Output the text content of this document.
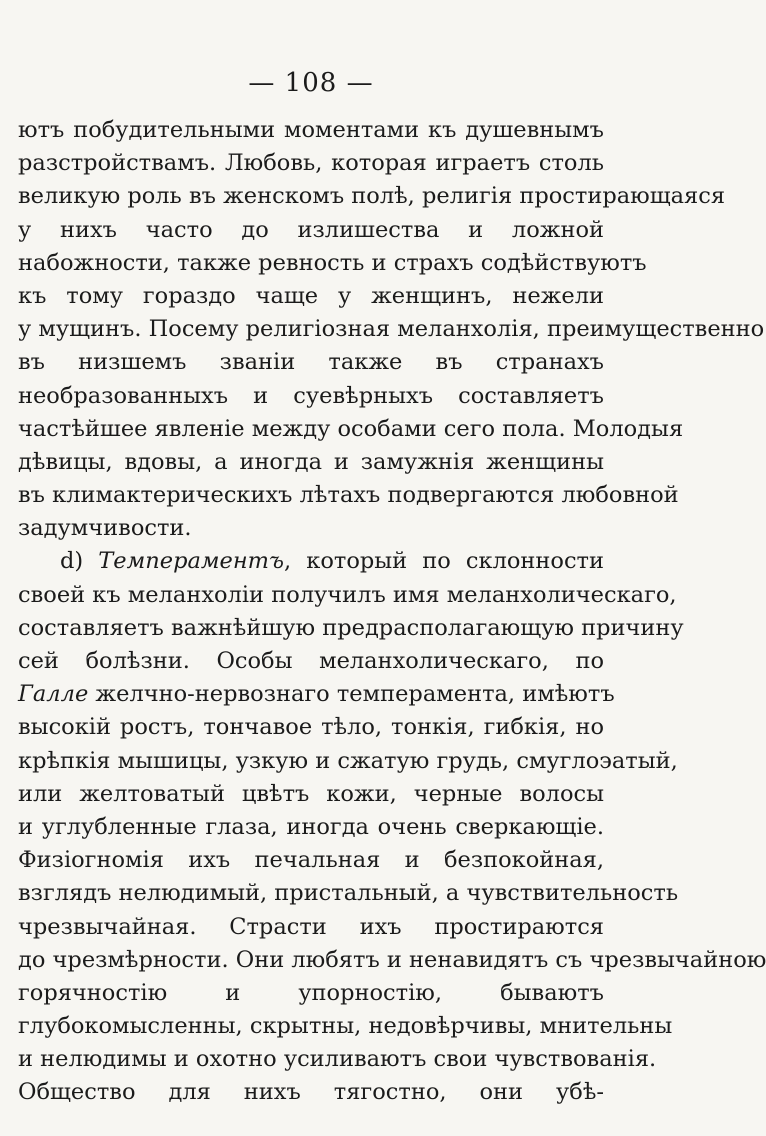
— 108 —
ютъ побудительными моментами къ душевнымъ
разстройствамъ. Любовь, которая играетъ столь
великую роль въ женскомъ полѣ, религія простирающаяся
у нихъ часто до излишества и ложной
набожности, также ревность и страхъ содѣйствуютъ
къ тому гораздо чаще у женщинъ, нежели
у мущинъ. Посему религіозная меланхолія, преимущественно
въ низшемъ званіи также въ странахъ
необразованныхъ и суевѣрныхъ составляетъ
частѣйшее явленіе между особами сего пола. Молодыя
дѣвицы, вдовы, а иногда и замужнія женщины
въ климактерическихъ лѣтахъ подвергаются любовной
задумчивости.
d) Темпераментъ, который по склонности
своей къ меланхоліи получилъ имя меланхолическаго,
составляетъ важнѣйшую предрасполагающую причину
сей болѣзни. Особы меланхолическаго, по
Галле желчно-нервознаго темперамента, имѣютъ
высокій ростъ, тончавое тѣло, тонкія, гибкія, но
крѣпкія мышицы, узкую и сжатую грудь, смуглоэатый,
или желтоватый цвѣтъ кожи, черные волосы
и углубленные глаза, иногда очень сверкающіе.
Физіогномія ихъ печальная и безпокойная,
взглядъ нелюдимый, пристальный, а чувствительность
чрезвычайная. Страсти ихъ простираются
до чрезмѣрности. Они любятъ и ненавидятъ съ чрезвычайною
горячностію и упорностію, бываютъ
глубокомысленны, скрытны, недовѣрчивы, мнительны
и нелюдимы и охотно усиливаютъ свои чувствованія.
Общество для нихъ тягостно, они убѣ-
